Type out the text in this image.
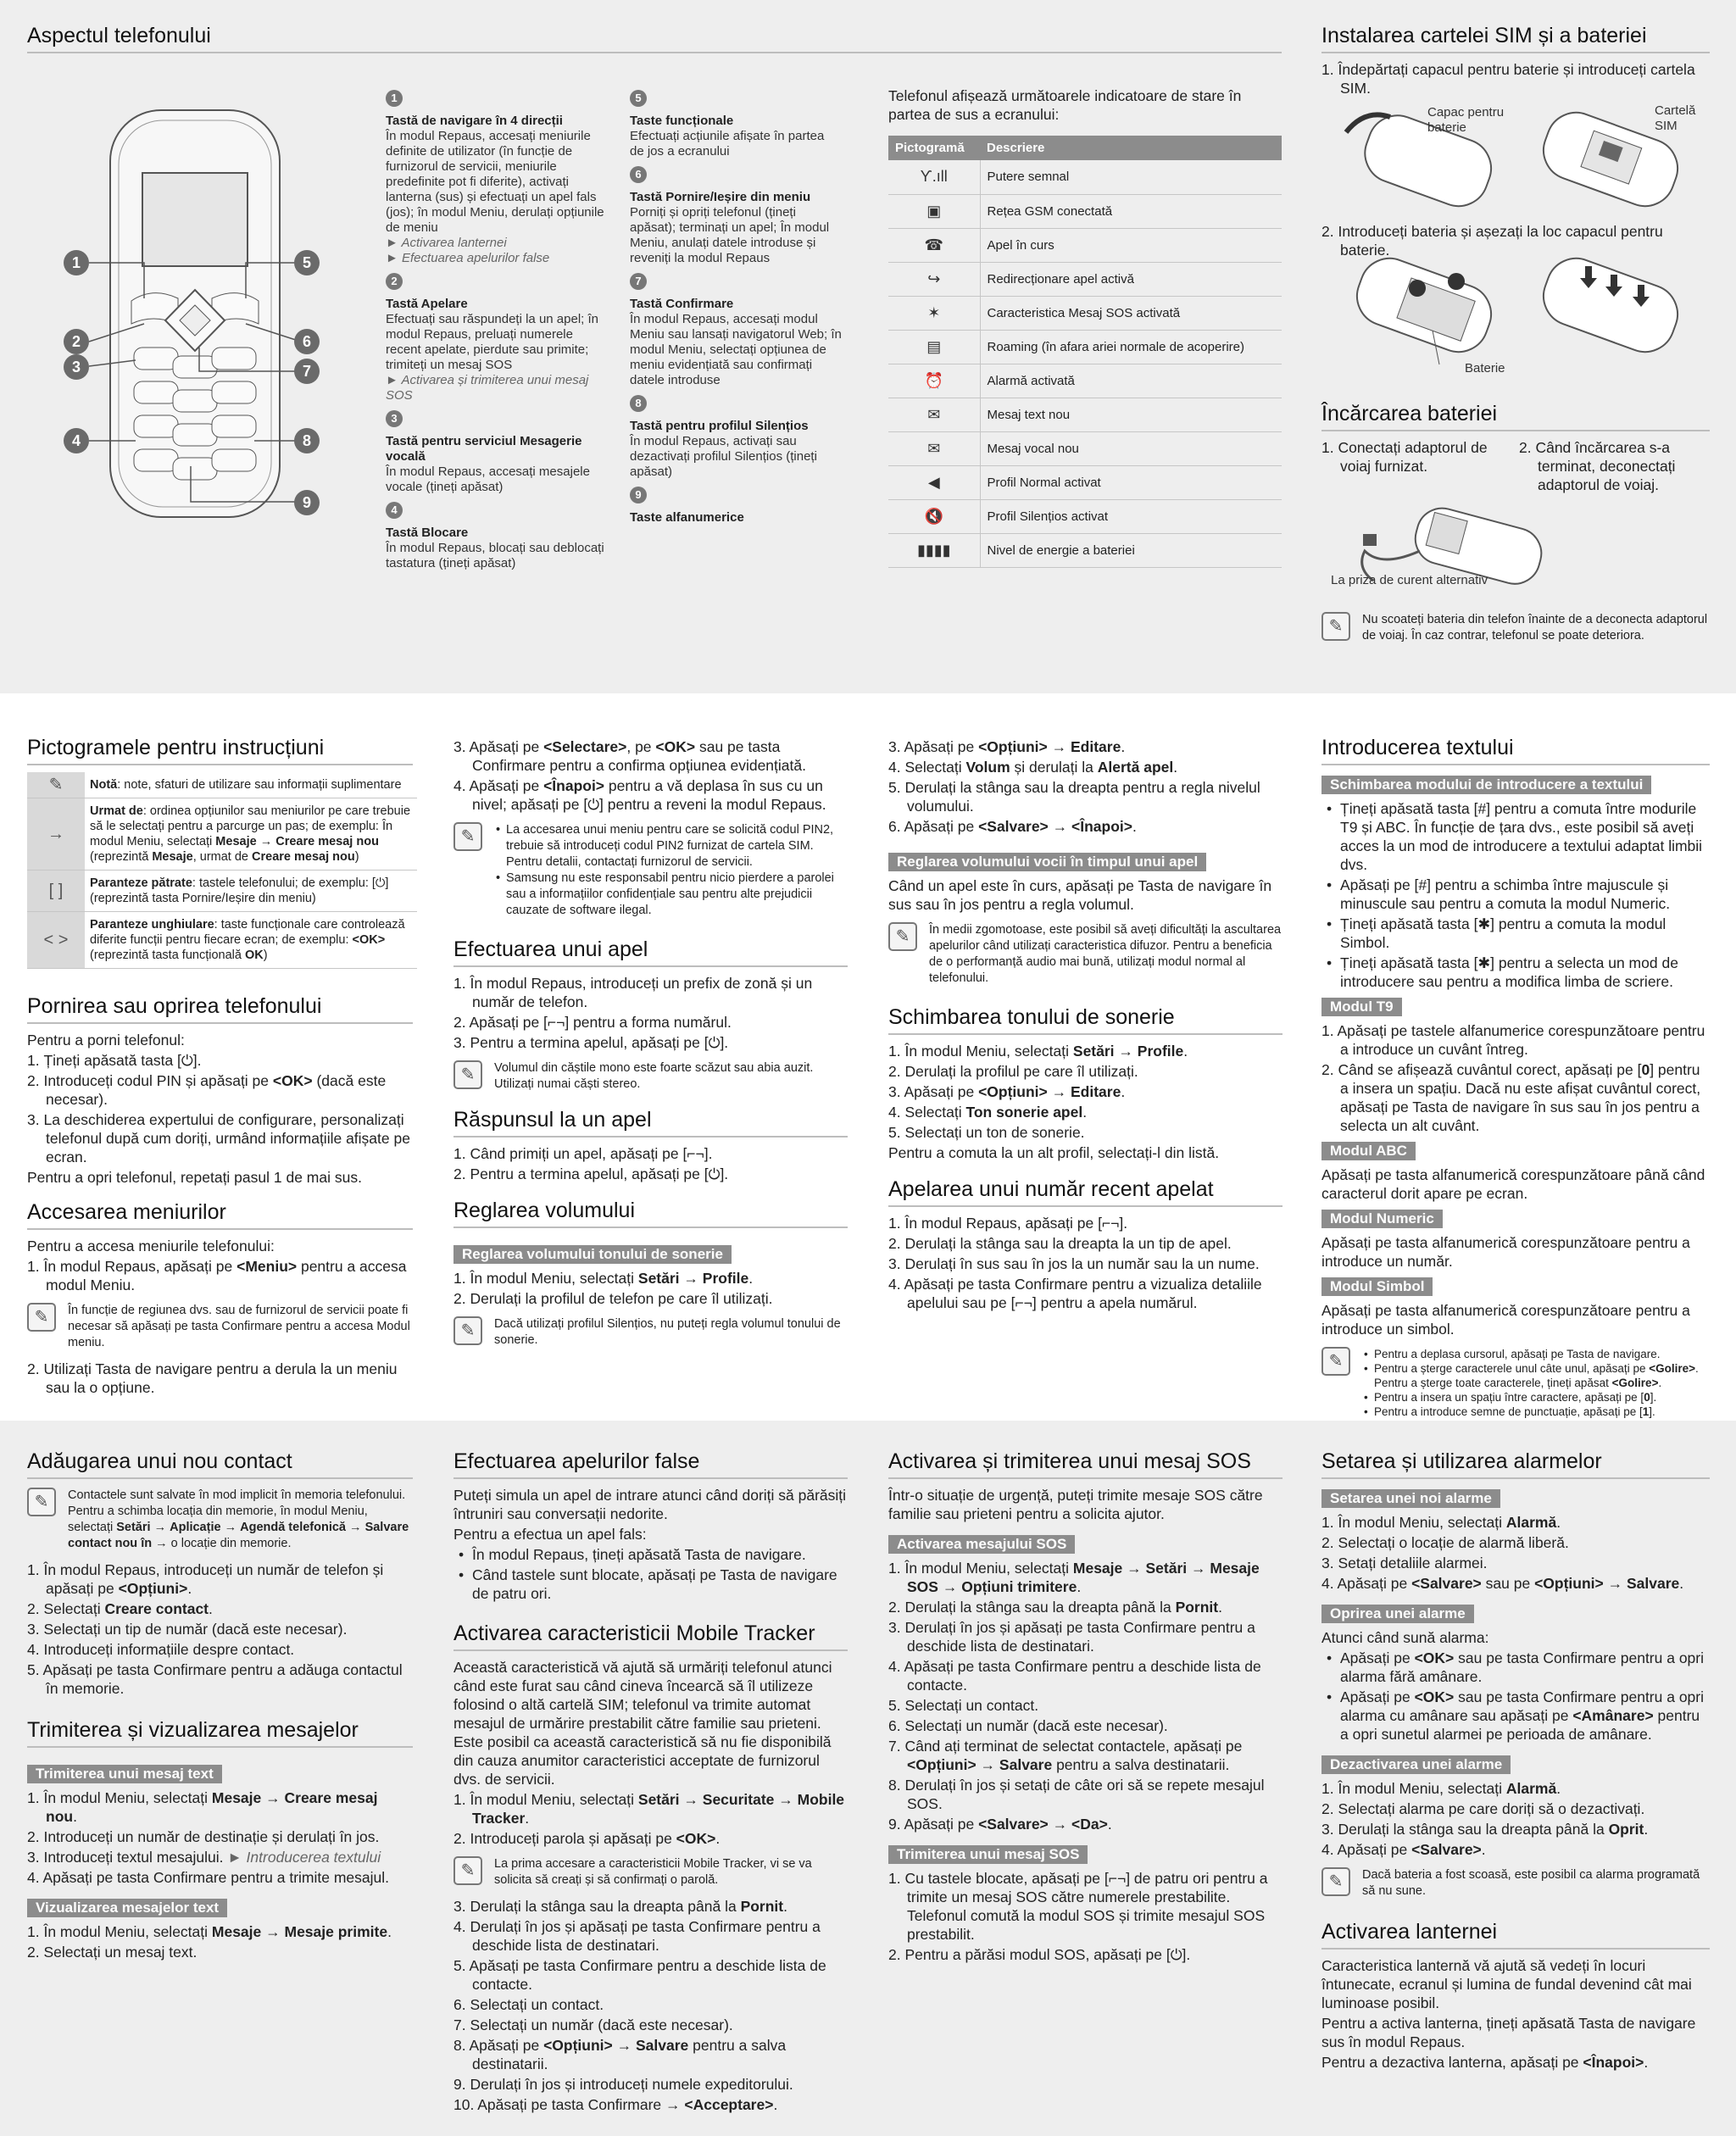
Aspectul telefonului
1
2
3
4
5
6
7
8
9
1
Tastă de navigare în 4 direcții
În modul Repaus, accesați meniurile definite de utilizator (în funcție de furnizorul de servicii, meniurile predefinite pot fi diferite), activați lanterna (sus) și efectuați un apel fals (jos); în modul Meniu, derulați opțiunile de meniu
► Activarea lanternei
► Efectuarea apelurilor false
2
Tastă Apelare
Efectuați sau răspundeți la un apel; în modul Repaus, preluați numerele recent apelate, pierdute sau primite; trimiteți un mesaj SOS
► Activarea și trimiterea unui mesaj SOS
3
Tastă pentru serviciul Mesagerie vocală
În modul Repaus, accesați mesajele vocale (țineți apăsat)
4
Tastă Blocare
În modul Repaus, blocați sau deblocați tastatura (țineți apăsat)
5
Taste funcționale
Efectuați acțiunile afișate în partea de jos a ecranului
6
Tastă Pornire/Ieșire din meniu
Porniți și opriți telefonul (țineți apăsat); terminați un apel; În modul Meniu, anulați datele introduse și reveniți la modul Repaus
7
Tastă Confirmare
În modul Repaus, accesați modul Meniu sau lansați navigatorul Web; în modul Meniu, selectați opțiunea de meniu evidențiată sau confirmați datele introduse
8
Tastă pentru profilul Silențios
În modul Repaus, activați sau dezactivați profilul Silențios (țineți apăsat)
9
Taste alfanumerice
Telefonul afișează următoarele indicatoare de stare în partea de sus a ecranului:
Pictogramă	Descriere
Ƴ.ıll	Putere semnal
▣	Rețea GSM conectată
☎	Apel în curs
↪	Redirecționare apel activă
✶	Caracteristica Mesaj SOS activată
▤	Roaming (în afara ariei normale de acoperire)
⏰	Alarmă activată
✉	Mesaj text nou
✉	Mesaj vocal nou
◀	Profil Normal activat
🔇	Profil Silențios activat
▮▮▮▮	Nivel de energie a bateriei
Instalarea cartelei SIM și a bateriei
1. Îndepărtați capacul pentru baterie și introduceți cartela SIM.
Capac pentru baterie
Cartelă SIM
2. Introduceți bateria și așezați la loc capacul pentru baterie.
Baterie
Încărcarea bateriei
1. Conectați adaptorul de voiaj furnizat.
2. Când încărcarea s-a terminat, deconectați adaptorul de voiaj.
La priza de curent alternativ
✎	Nu scoateți bateria din telefon înainte de a deconecta adaptorul de voiaj. În caz contrar, telefonul se poate deteriora.
Pictogramele pentru instrucțiuni
✎	Notă: note, sfaturi de utilizare sau informații suplimentare
→	Urmat de: ordinea opțiunilor sau meniurilor pe care trebuie să le selectați pentru a parcurge un pas; de exemplu: În modul Meniu, selectați Mesaje → Creare mesaj nou (reprezintă Mesaje, urmat de Creare mesaj nou)
[ ]	Paranteze pătrate: tastele telefonului; de exemplu: [⏻] (reprezintă tasta Pornire/Ieșire din meniu)
< >	Paranteze unghiulare: taste funcționale care controlează diferite funcții pentru fiecare ecran; de exemplu: <OK> (reprezintă tasta funcțională OK)
Pornirea sau oprirea telefonului
Pentru a porni telefonul:
1. Țineți apăsată tasta [⏻].
2. Introduceți codul PIN și apăsați pe <OK> (dacă este necesar).
3. La deschiderea expertului de configurare, personalizați telefonul după cum doriți, urmând informațiile afișate pe ecran.
Pentru a opri telefonul, repetați pasul 1 de mai sus.
Accesarea meniurilor
Pentru a accesa meniurile telefonului:
1. În modul Repaus, apăsați pe <Meniu> pentru a accesa modul Meniu.
✎	În funcție de regiunea dvs. sau de furnizorul de servicii poate fi necesar să apăsați pe tasta Confirmare pentru a accesa Modul meniu.
2. Utilizați Tasta de navigare pentru a derula la un meniu sau la o opțiune.
3. Apăsați pe <Selectare>, pe <OK> sau pe tasta Confirmare pentru a confirma opțiunea evidențiată.
4. Apăsați pe <Înapoi> pentru a vă deplasa în sus cu un nivel; apăsați pe [⏻] pentru a reveni la modul Repaus.
✎	• La accesarea unui meniu pentru care se solicită codul PIN2, trebuie să introduceți codul PIN2 furnizat de cartela SIM. Pentru detalii, contactați furnizorul de servicii.
• Samsung nu este responsabil pentru nicio pierdere a parolei sau a informațiilor confidențiale sau pentru alte prejudicii cauzate de software ilegal.
Efectuarea unui apel
1. În modul Repaus, introduceți un prefix de zonă și un număr de telefon.
2. Apăsați pe [⌐¬] pentru a forma numărul.
3. Pentru a termina apelul, apăsați pe [⏻].
✎	Volumul din căștile mono este foarte scăzut sau abia auzit. Utilizați numai căști stereo.
Răspunsul la un apel
1. Când primiți un apel, apăsați pe [⌐¬].
2. Pentru a termina apelul, apăsați pe [⏻].
Reglarea volumului
Reglarea volumului tonului de sonerie
1. În modul Meniu, selectați Setări → Profile.
2. Derulați la profilul de telefon pe care îl utilizați.
✎	Dacă utilizați profilul Silențios, nu puteți regla volumul tonului de sonerie.
3. Apăsați pe <Opțiuni> → Editare.
4. Selectați Volum și derulați la Alertă apel.
5. Derulați la stânga sau la dreapta pentru a regla nivelul volumului.
6. Apăsați pe <Salvare> → <Înapoi>.
Reglarea volumului vocii în timpul unui apel
Când un apel este în curs, apăsați pe Tasta de navigare în sus sau în jos pentru a regla volumul.
✎	În medii zgomotoase, este posibil să aveți dificultăți la ascultarea apelurilor când utilizați caracteristica difuzor. Pentru a beneficia de o performanță audio mai bună, utilizați modul normal al telefonului.
Schimbarea tonului de sonerie
1. În modul Meniu, selectați Setări → Profile.
2. Derulați la profilul pe care îl utilizați.
3. Apăsați pe <Opțiuni> → Editare.
4. Selectați Ton sonerie apel.
5. Selectați un ton de sonerie.
Pentru a comuta la un alt profil, selectați-l din listă.
Apelarea unui număr recent apelat
1. În modul Repaus, apăsați pe [⌐¬].
2. Derulați la stânga sau la dreapta la un tip de apel.
3. Derulați în sus sau în jos la un număr sau la un nume.
4. Apăsați pe tasta Confirmare pentru a vizualiza detaliile apelului sau pe [⌐¬] pentru a apela numărul.
Introducerea textului
Schimbarea modului de introducere a textului
• Țineți apăsată tasta [#] pentru a comuta între modurile T9 și ABC. În funcție de țara dvs., este posibil să aveți acces la un mod de introducere a textului adaptat limbii dvs.
• Apăsați pe [#] pentru a schimba între majuscule și minuscule sau pentru a comuta la modul Numeric.
• Țineți apăsată tasta [✱] pentru a comuta la modul Simbol.
• Țineți apăsată tasta [✱] pentru a selecta un mod de introducere sau pentru a modifica limba de scriere.
Modul T9
1. Apăsați pe tastele alfanumerice corespunzătoare pentru a introduce un cuvânt întreg.
2. Când se afișează cuvântul corect, apăsați pe [0] pentru a insera un spațiu. Dacă nu este afișat cuvântul corect, apăsați pe Tasta de navigare în sus sau în jos pentru a selecta un alt cuvânt.
Modul ABC
Apăsați pe tasta alfanumerică corespunzătoare până când caracterul dorit apare pe ecran.
Modul Numeric
Apăsați pe tasta alfanumerică corespunzătoare pentru a introduce un număr.
Modul Simbol
Apăsați pe tasta alfanumerică corespunzătoare pentru a introduce un simbol.
✎	• Pentru a deplasa cursorul, apăsați pe Tasta de navigare.
• Pentru a șterge caracterele unul câte unul, apăsați pe <Golire>. Pentru a șterge toate caracterele, țineți apăsat <Golire>.
• Pentru a insera un spațiu între caractere, apăsați pe [0].
• Pentru a introduce semne de punctuație, apăsați pe [1].
Adăugarea unui nou contact
✎	Contactele sunt salvate în mod implicit în memoria telefonului. Pentru a schimba locația din memorie, în modul Meniu, selectați Setări → Aplicație → Agendă telefonică → Salvare contact nou în → o locație din memorie.
1. În modul Repaus, introduceți un număr de telefon și apăsați pe <Opțiuni>.
2. Selectați Creare contact.
3. Selectați un tip de număr (dacă este necesar).
4. Introduceți informațiile despre contact.
5. Apăsați pe tasta Confirmare pentru a adăuga contactul în memorie.
Trimiterea și vizualizarea mesajelor
Trimiterea unui mesaj text
1. În modul Meniu, selectați Mesaje → Creare mesaj nou.
2. Introduceți un număr de destinație și derulați în jos.
3. Introduceți textul mesajului. ► Introducerea textului
4. Apăsați pe tasta Confirmare pentru a trimite mesajul.
Vizualizarea mesajelor text
1. În modul Meniu, selectați Mesaje → Mesaje primite.
2. Selectați un mesaj text.
Efectuarea apelurilor false
Puteți simula un apel de intrare atunci când doriți să părăsiți întruniri sau conversații nedorite.
Pentru a efectua un apel fals:
• În modul Repaus, țineți apăsată Tasta de navigare.
• Când tastele sunt blocate, apăsați pe Tasta de navigare de patru ori.
Activarea caracteristicii Mobile Tracker
Această caracteristică vă ajută să urmăriți telefonul atunci când este furat sau când cineva încearcă să îl utilizeze folosind o altă cartelă SIM; telefonul va trimite automat mesajul de urmărire prestabilit către familie sau prieteni. Este posibil ca această caracteristică să nu fie disponibilă din cauza anumitor caracteristici acceptate de furnizorul dvs. de servicii.
1. În modul Meniu, selectați Setări → Securitate → Mobile Tracker.
2. Introduceți parola și apăsați pe <OK>.
✎	La prima accesare a caracteristicii Mobile Tracker, vi se va solicita să creați și să confirmați o parolă.
3. Derulați la stânga sau la dreapta până la Pornit.
4. Derulați în jos și apăsați pe tasta Confirmare pentru a deschide lista de destinatari.
5. Apăsați pe tasta Confirmare pentru a deschide lista de contacte.
6. Selectați un contact.
7. Selectați un număr (dacă este necesar).
8. Apăsați pe <Opțiuni> → Salvare pentru a salva destinatarii.
9. Derulați în jos și introduceți numele expeditorului.
10. Apăsați pe tasta Confirmare → <Acceptare>.
Activarea și trimiterea unui mesaj SOS
Într-o situație de urgență, puteți trimite mesaje SOS către familie sau prieteni pentru a solicita ajutor.
Activarea mesajului SOS
1. În modul Meniu, selectați Mesaje → Setări → Mesaje SOS → Opțiuni trimitere.
2. Derulați la stânga sau la dreapta până la Pornit.
3. Derulați în jos și apăsați pe tasta Confirmare pentru a deschide lista de destinatari.
4. Apăsați pe tasta Confirmare pentru a deschide lista de contacte.
5. Selectați un contact.
6. Selectați un număr (dacă este necesar).
7. Când ați terminat de selectat contactele, apăsați pe <Opțiuni> → Salvare pentru a salva destinatarii.
8. Derulați în jos și setați de câte ori să se repete mesajul SOS.
9. Apăsați pe <Salvare> → <Da>.
Trimiterea unui mesaj SOS
1. Cu tastele blocate, apăsați pe [⌐¬] de patru ori pentru a trimite un mesaj SOS către numerele prestabilite. Telefonul comută la modul SOS și trimite mesajul SOS prestabilit.
2. Pentru a părăsi modul SOS, apăsați pe [⏻].
Setarea și utilizarea alarmelor
Setarea unei noi alarme
1. În modul Meniu, selectați Alarmă.
2. Selectați o locație de alarmă liberă.
3. Setați detaliile alarmei.
4. Apăsați pe <Salvare> sau pe <Opțiuni> → Salvare.
Oprirea unei alarme
Atunci când sună alarma:
• Apăsați pe <OK> sau pe tasta Confirmare pentru a opri alarma fără amânare.
• Apăsați pe <OK> sau pe tasta Confirmare pentru a opri alarma cu amânare sau apăsați pe <Amânare> pentru a opri sunetul alarmei pe perioada de amânare.
Dezactivarea unei alarme
1. În modul Meniu, selectați Alarmă.
2. Selectați alarma pe care doriți să o dezactivați.
3. Derulați la stânga sau la dreapta până la Oprit.
4. Apăsați pe <Salvare>.
✎	Dacă bateria a fost scoasă, este posibil ca alarma programată să nu sune.
Activarea lanternei
Caracteristica lanternă vă ajută să vedeți în locuri întunecate, ecranul și lumina de fundal devenind cât mai luminoase posibil.
Pentru a activa lanterna, țineți apăsată Tasta de navigare sus în modul Repaus.
Pentru a dezactiva lanterna, apăsați pe <Înapoi>.
